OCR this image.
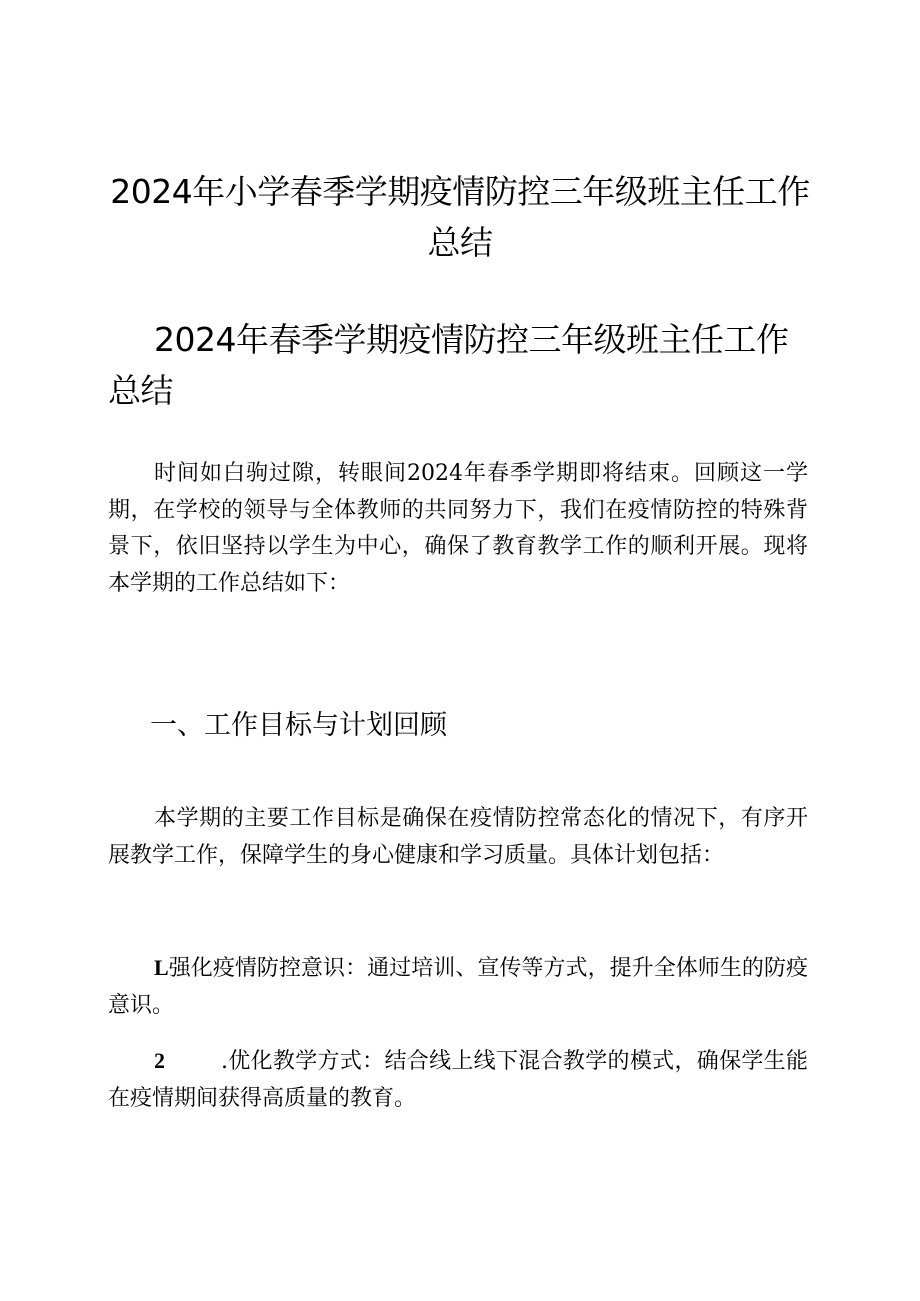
2024年小学春季学期疫情防控三年级班主任工作总结
2024年春季学期疫情防控三年级班主任工作总结

时间如白驹过隙，转眼间2024年春季学期即将结束。回顾这一学期，在学校的领导与全体教师的共同努力下，我们在疫情防控的特殊背景下，依旧坚持以学生为中心，确保了教育教学工作的顺利开展。现将本学期的工作总结如下：

一、工作目标与计划回顾

本学期的主要工作目标是确保在疫情防控常态化的情况下，有序开展教学工作，保障学生的身心健康和学习质量。具体计划包括：

L强化疫情防控意识：通过培训、宣传等方式，提升全体师生的防疫意识。

2	.优化教学方式：结合线上线下混合教学的模式，确保学生能在疫情期间获得高质量的教育。
